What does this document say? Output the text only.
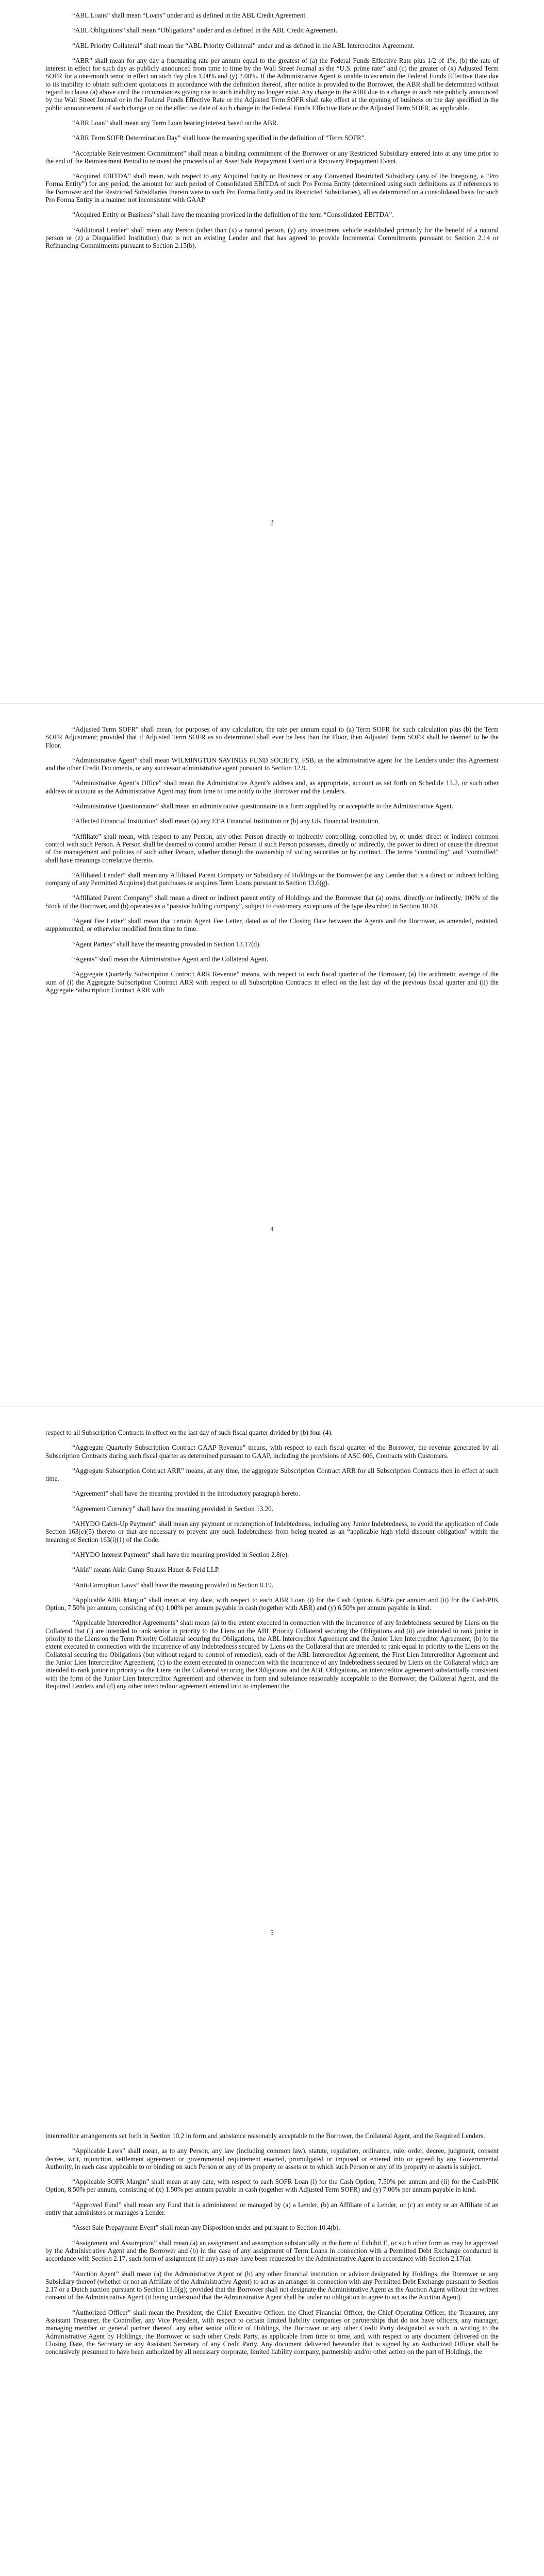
“ABL Loans” shall mean “Loans” under and as defined in the ABL Credit Agreement.

“ABL Obligations” shall mean “Obligations” under and as defined in the ABL Credit Agreement.

“ABL Priority Collateral” shall mean the “ABL Priority Collateral” under and as defined in the ABL Intercreditor Agreement.

“ABR” shall mean for any day a fluctuating rate per annum equal to the greatest of (a) the Federal Funds Effective Rate plus 1/2 of 1%, (b) the rate of interest in effect for such day as publicly announced from time to time by the Wall Street Journal as the “U.S. prime rate” and (c) the greater of (x) Adjusted Term SOFR for a one-month tenor in effect on such day plus 1.00% and (y) 2.00%. If the Administrative Agent is unable to ascertain the Federal Funds Effective Rate due to its inability to obtain sufficient quotations in accordance with the definition thereof, after notice is provided to the Borrower, the ABR shall be determined without regard to clause (a) above until the circumstances giving rise to such inability no longer exist. Any change in the ABR due to a change in such rate publicly announced by the Wall Street Journal or in the Federal Funds Effective Rate or the Adjusted Term SOFR shall take effect at the opening of business on the day specified in the public announcement of such change or on the effective date of such change in the Federal Funds Effective Rate or the Adjusted Term SOFR, as applicable.

“ABR Loan” shall mean any Term Loan bearing interest based on the ABR.

“ABR Term SOFR Determination Day” shall have the meaning specified in the definition of “Term SOFR”.

“Acceptable Reinvestment Commitment” shall mean a binding commitment of the Borrower or any Restricted Subsidiary entered into at any time prior to the end of the Reinvestment Period to reinvest the proceeds of an Asset Sale Prepayment Event or a Recovery Prepayment Event.

“Acquired EBITDA” shall mean, with respect to any Acquired Entity or Business or any Converted Restricted Subsidiary (any of the foregoing, a “Pro Forma Entity”) for any period, the amount for such period of Consolidated EBITDA of such Pro Forma Entity (determined using such definitions as if references to the Borrower and the Restricted Subsidiaries therein were to such Pro Forma Entity and its Restricted Subsidiaries), all as determined on a consolidated basis for such Pro Forma Entity in a manner not inconsistent with GAAP.

“Acquired Entity or Business” shall have the meaning provided in the definition of the term “Consolidated EBITDA”.

“Additional Lender” shall mean any Person (other than (x) a natural person, (y) any investment vehicle established primarily for the benefit of a natural person or (z) a Disqualified Institution) that is not an existing Lender and that has agreed to provide Incremental Commitments pursuant to Section 2.14 or Refinancing Commitments pursuant to Section 2.15(b).

3

“Adjusted Term SOFR” shall mean, for purposes of any calculation, the rate per annum equal to (a) Term SOFR for such calculation plus (b) the Term SOFR Adjustment; provided that if Adjusted Term SOFR as so determined shall ever be less than the Floor, then Adjusted Term SOFR shall be deemed to be the Floor.

“Administrative Agent” shall mean WILMINGTON SAVINGS FUND SOCIETY, FSB, as the administrative agent for the Lenders under this Agreement and the other Credit Documents, or any successor administrative agent pursuant to Section 12.9.

“Administrative Agent’s Office” shall mean the Administrative Agent’s address and, as appropriate, account as set forth on Schedule 13.2, or such other address or account as the Administrative Agent may from time to time notify to the Borrower and the Lenders.

“Administrative Questionnaire” shall mean an administrative questionnaire in a form supplied by or acceptable to the Administrative Agent.

“Affected Financial Institution” shall mean (a) any EEA Financial Institution or (b) any UK Financial Institution.

“Affiliate” shall mean, with respect to any Person, any other Person directly or indirectly controlling, controlled by, or under direct or indirect common control with such Person. A Person shall be deemed to control another Person if such Person possesses, directly or indirectly, the power to direct or cause the direction of the management and policies of such other Person, whether through the ownership of voting securities or by contract. The terms “controlling” and “controlled” shall have meanings correlative thereto.

“Affiliated Lender” shall mean any Affiliated Parent Company or Subsidiary of Holdings or the Borrower (or any Lender that is a direct or indirect holding company of any Permitted Acquiror) that purchases or acquires Term Loans pursuant to Section 13.6(g).

“Affiliated Parent Company” shall mean a direct or indirect parent entity of Holdings and the Borrower that (a) owns, directly or indirectly, 100% of the Stock of the Borrower, and (b) operates as a “passive holding company”, subject to customary exceptions of the type described in Section 10.10.

“Agent Fee Letter” shall mean that certain Agent Fee Letter, dated as of the Closing Date between the Agents and the Borrower, as amended, restated, supplemented, or otherwise modified from time to time.

“Agent Parties” shall have the meaning provided in Section 13.17(d).

“Agents” shall mean the Administrative Agent and the Collateral Agent.

“Aggregate Quarterly Subscription Contract ARR Revenue” means, with respect to each fiscal quarter of the Borrower, (a) the arithmetic average of the sum of (i) the Aggregate Subscription Contract ARR with respect to all Subscription Contracts in effect on the last day of the previous fiscal quarter and (ii) the Aggregate Subscription Contract ARR with

4

respect to all Subscription Contracts in effect on the last day of such fiscal quarter divided by (b) four (4).

“Aggregate Quarterly Subscription Contract GAAP Revenue” means, with respect to each fiscal quarter of the Borrower, the revenue generated by all Subscription Contracts during such fiscal quarter as determined pursuant to GAAP, including the provisions of ASC 606, Contracts with Customers.

“Aggregate Subscription Contract ARR” means, at any time, the aggregate Subscription Contract ARR for all Subscription Contracts then in effect at such time.

“Agreement” shall have the meaning provided in the introductory paragraph hereto.

“Agreement Currency” shall have the meaning provided in Section 13.20.

“AHYDO Catch-Up Payment” shall mean any payment or redemption of Indebtedness, including any Junior Indebtedness, to avoid the application of Code Section 163(e)(5) thereto or that are necessary to prevent any such Indebtedness from being treated as an “applicable high yield discount obligation” within the meaning of Section 163(i)(1) of the Code.

“AHYDO Interest Payment” shall have the meaning provided in Section 2.8(e).

“Akin” means Akin Gump Strauss Hauer & Feld LLP.

“Anti-Corruption Laws” shall have the meaning provided in Section 8.19.

“Applicable ABR Margin” shall mean at any date, with respect to each ABR Loan (i) for the Cash Option, 6.50% per annum and (ii) for the Cash/PIK Option, 7.50% per annum, consisting of (x) 1.00% per annum payable in cash (together with ABR) and (y) 6.50% per annum payable in kind.

“Applicable Intercreditor Agreements” shall mean (a) to the extent executed in connection with the incurrence of any Indebtedness secured by Liens on the Collateral that (i) are intended to rank senior in priority to the Liens on the ABL Priority Collateral securing the Obligations and (ii) are intended to rank junior in priority to the Liens on the Term Priority Collateral securing the Obligations, the ABL Intercreditor Agreement and the Junior Lien Intercreditor Agreement, (b) to the extent executed in connection with the incurrence of any Indebtedness secured by Liens on the Collateral that are intended to rank equal in priority to the Liens on the Collateral securing the Obligations (but without regard to control of remedies), each of the ABL Intercreditor Agreement, the First Lien Intercreditor Agreement and the Junior Lien Intercreditor Agreement, (c) to the extent executed in connection with the incurrence of any Indebtedness secured by Liens on the Collateral which are intended to rank junior in priority to the Liens on the Collateral securing the Obligations and the ABL Obligations, an intercreditor agreement substantially consistent with the form of the Junior Lien Intercreditor Agreement and otherwise in form and substance reasonably acceptable to the Borrower, the Collateral Agent, and the Required Lenders and (d) any other intercreditor agreement entered into to implement the

5

intercreditor arrangements set forth in Section 10.2 in form and substance reasonably acceptable to the Borrower, the Collateral Agent, and the Required Lenders.

“Applicable Laws” shall mean, as to any Person, any law (including common law), statute, regulation, ordinance, rule, order, decree, judgment, consent decree, writ, injunction, settlement agreement or governmental requirement enacted, promulgated or imposed or entered into or agreed by any Governmental Authority, in each case applicable to or binding on such Person or any of its property or assets or to which such Person or any of its property or assets is subject.

“Applicable SOFR Margin” shall mean at any date, with respect to each SOFR Loan (i) for the Cash Option, 7.50% per annum and (ii) for the Cash/PIK Option, 8.50% per annum, consisting of (x) 1.50% per annum payable in cash (together with Adjusted Term SOFR) and (y) 7.00% per annum payable in kind.

“Approved Fund” shall mean any Fund that is administered or managed by (a) a Lender, (b) an Affiliate of a Lender, or (c) an entity or an Affiliate of an entity that administers or manages a Lender.

“Asset Sale Prepayment Event” shall mean any Disposition under and pursuant to Section 10.4(b).

“Assignment and Assumption” shall mean (a) an assignment and assumption substantially in the form of Exhibit E, or such other form as may be approved by the Administrative Agent and the Borrower and (b) in the case of any assignment of Term Loans in connection with a Permitted Debt Exchange conducted in accordance with Section 2.17, such form of assignment (if any) as may have been requested by the Administrative Agent in accordance with Section 2.17(a).

“Auction Agent” shall mean (a) the Administrative Agent or (b) any other financial institution or advisor designated by Holdings, the Borrower or any Subsidiary thereof (whether or not an Affiliate of the Administrative Agent) to act as an arranger in connection with any Permitted Debt Exchange pursuant to Section 2.17 or a Dutch auction pursuant to Section 13.6(g); provided that the Borrower shall not designate the Administrative Agent as the Auction Agent without the written consent of the Administrative Agent (it being understood that the Administrative Agent shall be under no obligation to agree to act as the Auction Agent).

“Authorized Officer” shall mean the President, the Chief Executive Officer, the Chief Financial Officer, the Chief Operating Officer, the Treasurer, any Assistant Treasurer, the Controller, any Vice President, with respect to certain limited liability companies or partnerships that do not have officers, any manager, managing member or general partner thereof, any other senior officer of Holdings, the Borrower or any other Credit Party designated as such in writing to the Administrative Agent by Holdings, the Borrower or such other Credit Party, as applicable from time to time, and, with respect to any document delivered on the Closing Date, the Secretary or any Assistant Secretary of any Credit Party. Any document delivered hereunder that is signed by an Authorized Officer shall be conclusively presumed to have been authorized by all necessary corporate, limited liability company, partnership and/or other action on the part of Holdings, the
